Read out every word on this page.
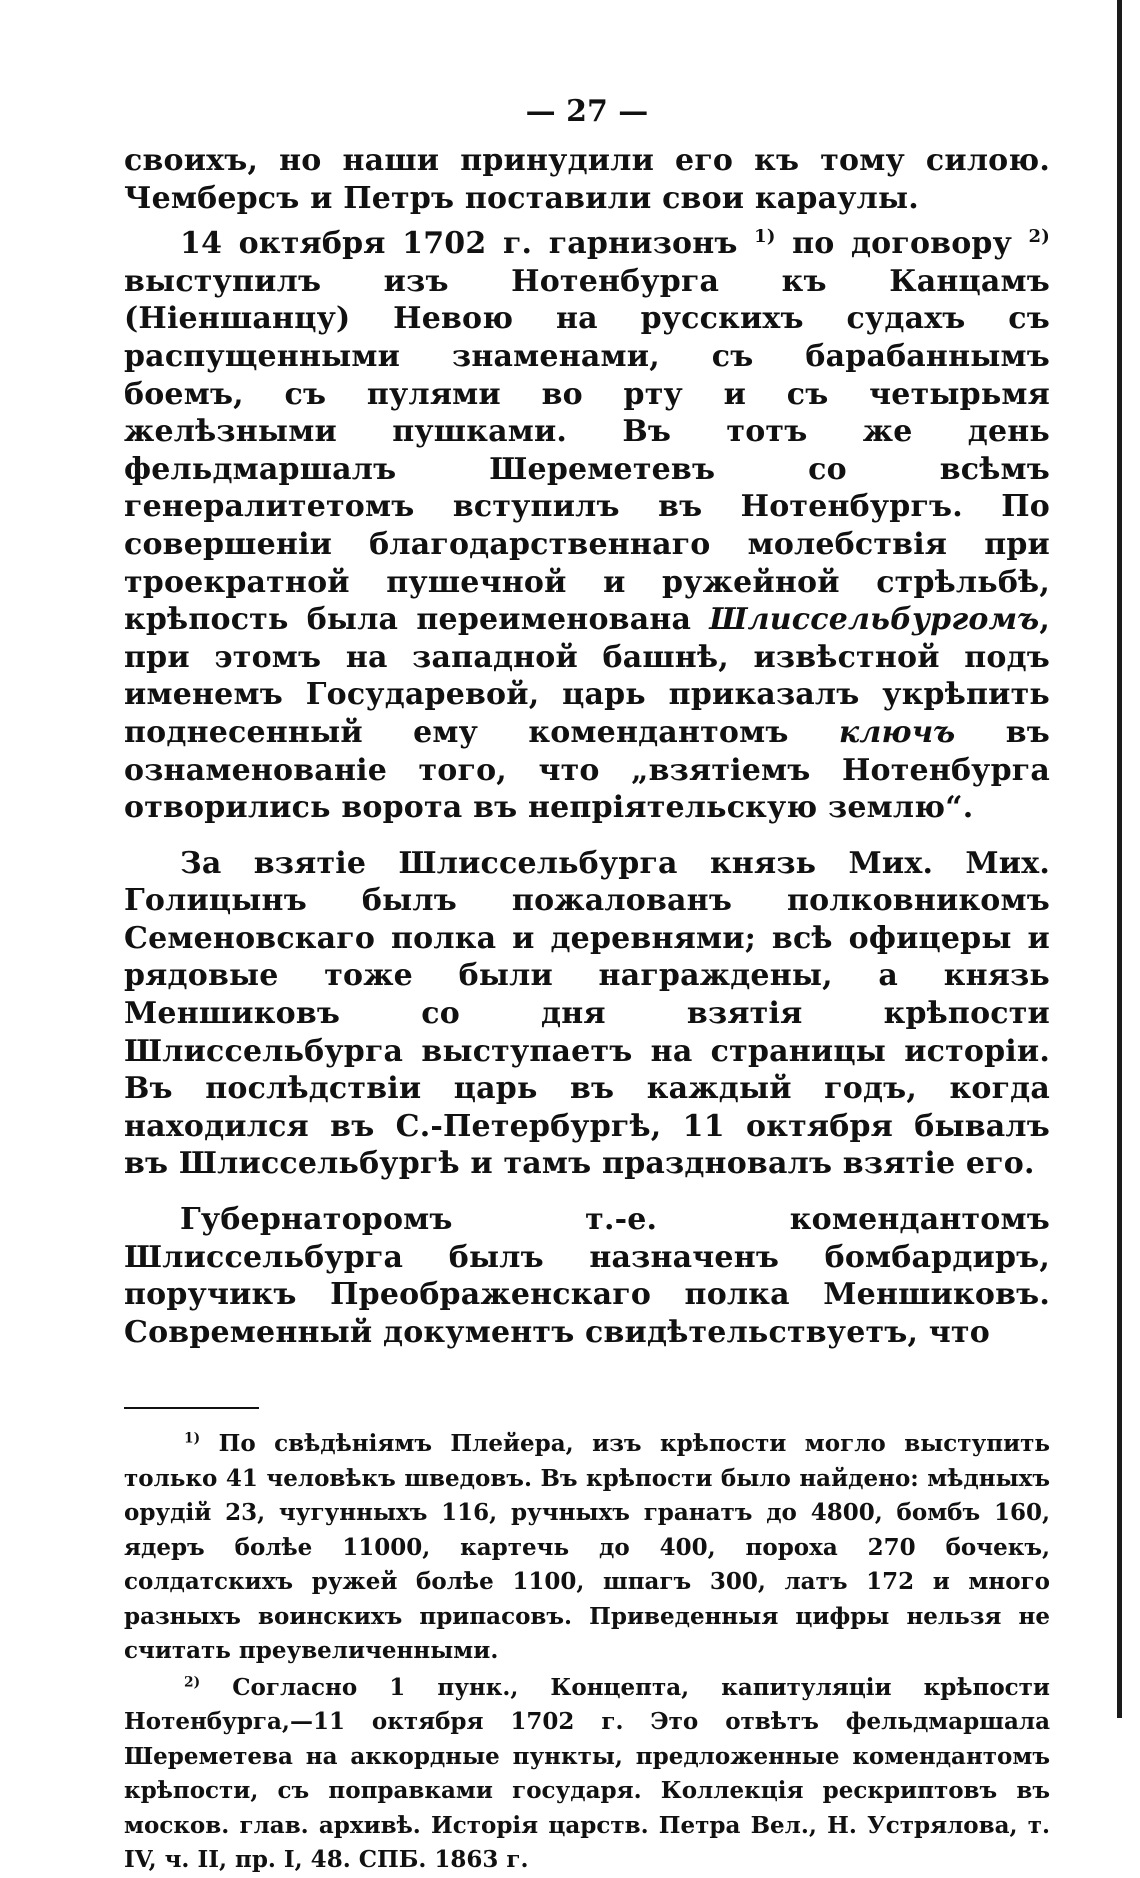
— 27 —

своихъ, но наши принудили его къ тому силою. Чемберсъ и Петръ поставили свои караулы.

14 октября 1702 г. гарнизонъ $^{1)}$ по договору $^{2)}$ выступилъ изъ Нотенбурга къ Канцамъ (Ніеншанцу) Невою на русскихъ судахъ съ распущенными знаменами, съ барабаннымъ боемъ, съ пулями во рту и съ четырьмя желѣзными пушками. Въ тотъ же день фельдмаршалъ Шереметевъ со всѣмъ генералитетомъ вступилъ въ Нотенбургъ. По совершеніи благодарственнаго молебствія при троекратной пушечной и ружейной стрѣльбѣ, крѣпость была переименована Шлиссельбургомъ, при этомъ на западной башнѣ, извѣстной подъ именемъ Государевой, царь приказалъ укрѣпить поднесенный ему комендантомъ ключъ въ ознаменованіе того, что „взятіемъ Нотенбурга отворились ворота въ непріятельскую землю“.

За взятіе Шлиссельбурга князь Мих. Мих. Голицынъ былъ пожалованъ полковникомъ Семеновскаго полка и деревнями; всѣ офицеры и рядовые тоже были награждены, а князь Меншиковъ со дня взятія крѣпости Шлиссельбурга выступаетъ на страницы исторіи. Въ послѣдствіи царь въ каждый годъ, когда находился въ С.-Петербургѣ, 11 октября бывалъ въ Шлиссельбургѣ и тамъ праздновалъ взятіе его.

Губернаторомъ т.-е. комендантомъ Шлиссельбурга былъ назначенъ бомбардиръ, поручикъ Преображенскаго полка Меншиковъ. Современный документъ свидѣтельствуетъ, что

$^{1)}$ По свѣдѣніямъ Плейера, изъ крѣпости могло выступить только 41 человѣкъ шведовъ. Въ крѣпости было найдено: мѣдныхъ орудій 23, чугунныхъ 116, ручныхъ гранатъ до 4800, бомбъ 160, ядеръ болѣе 11000, картечь до 400, пороха 270 бочекъ, солдатскихъ ружей болѣе 1100, шпагъ 300, латъ 172 и много разныхъ воинскихъ припасовъ. Приведенныя цифры нельзя не считать преувеличенными.

$^{2)}$ Согласно 1 пунк., Концепта, капитуляціи крѣпости Нотенбурга,—11 октября 1702 г. Это отвѣтъ фельдмаршала Шереметева на аккордные пункты, предложенные комендантомъ крѣпости, съ поправками государя. Коллекція рескриптовъ въ москов. глав. архивѣ. Исторія царств. Петра Вел., Н. Устрялова, т. IV, ч. II, пр. I, 48. СПБ. 1863 г.
